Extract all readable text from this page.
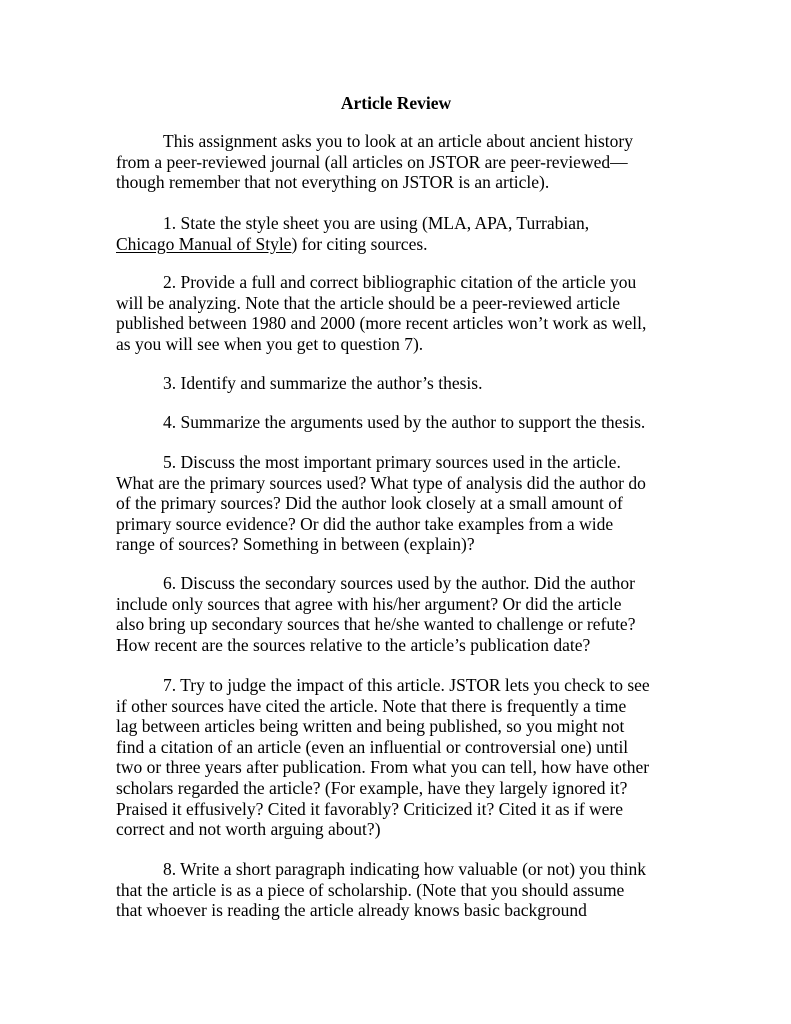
Article Review
This assignment asks you to look at an article about ancient history
from a peer-reviewed journal (all articles on JSTOR are peer-reviewed—
though remember that not everything on JSTOR is an article).
1. State the style sheet you are using (MLA, APA, Turrabian,
Chicago Manual of Style) for citing sources.
2. Provide a full and correct bibliographic citation of the article you
will be analyzing. Note that the article should be a peer-reviewed article
published between 1980 and 2000 (more recent articles won’t work as well,
as you will see when you get to question 7).
3. Identify and summarize the author’s thesis.
4. Summarize the arguments used by the author to support the thesis.
5. Discuss the most important primary sources used in the article.
What are the primary sources used? What type of analysis did the author do
of the primary sources? Did the author look closely at a small amount of
primary source evidence? Or did the author take examples from a wide
range of sources? Something in between (explain)?
6. Discuss the secondary sources used by the author. Did the author
include only sources that agree with his/her argument? Or did the article
also bring up secondary sources that he/she wanted to challenge or refute?
How recent are the sources relative to the article’s publication date?
7. Try to judge the impact of this article. JSTOR lets you check to see
if other sources have cited the article. Note that there is frequently a time
lag between articles being written and being published, so you might not
find a citation of an article (even an influential or controversial one) until
two or three years after publication. From what you can tell, how have other
scholars regarded the article? (For example, have they largely ignored it?
Praised it effusively? Cited it favorably? Criticized it? Cited it as if were
correct and not worth arguing about?)
8. Write a short paragraph indicating how valuable (or not) you think
that the article is as a piece of scholarship. (Note that you should assume
that whoever is reading the article already knows basic background
